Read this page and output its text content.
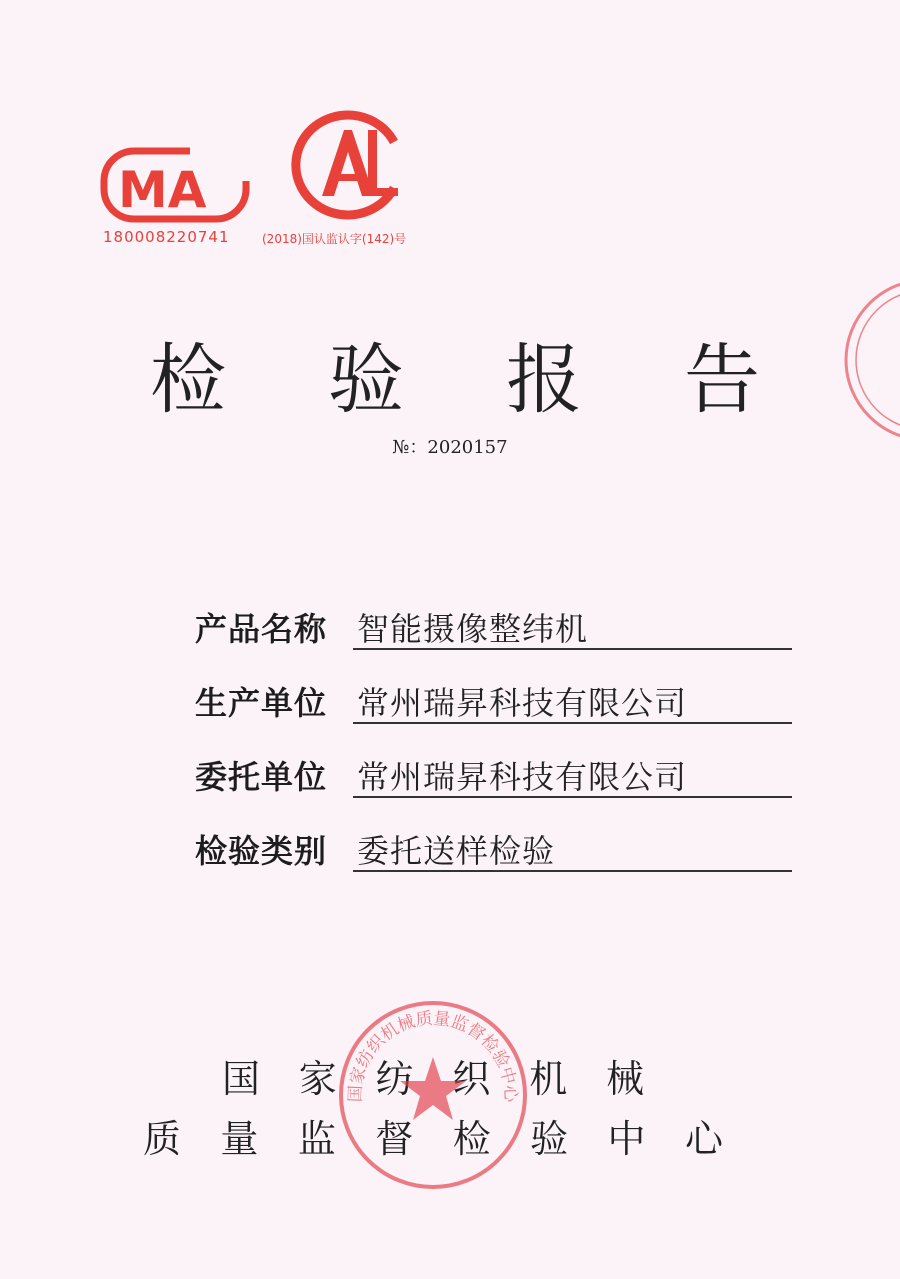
MA
180008220741	(2018)国认监认字(142)号
检 验 报 告
№：2020157
产品名称 智能摄像整纬机
生产单位 常州瑞昇科技有限公司
委托单位 常州瑞昇科技有限公司
检验类别 委托送样检验
国 家 纺 织 机 械
质 量 监 督 检 验 中 心
国家纺织机械质量监督检验中心
